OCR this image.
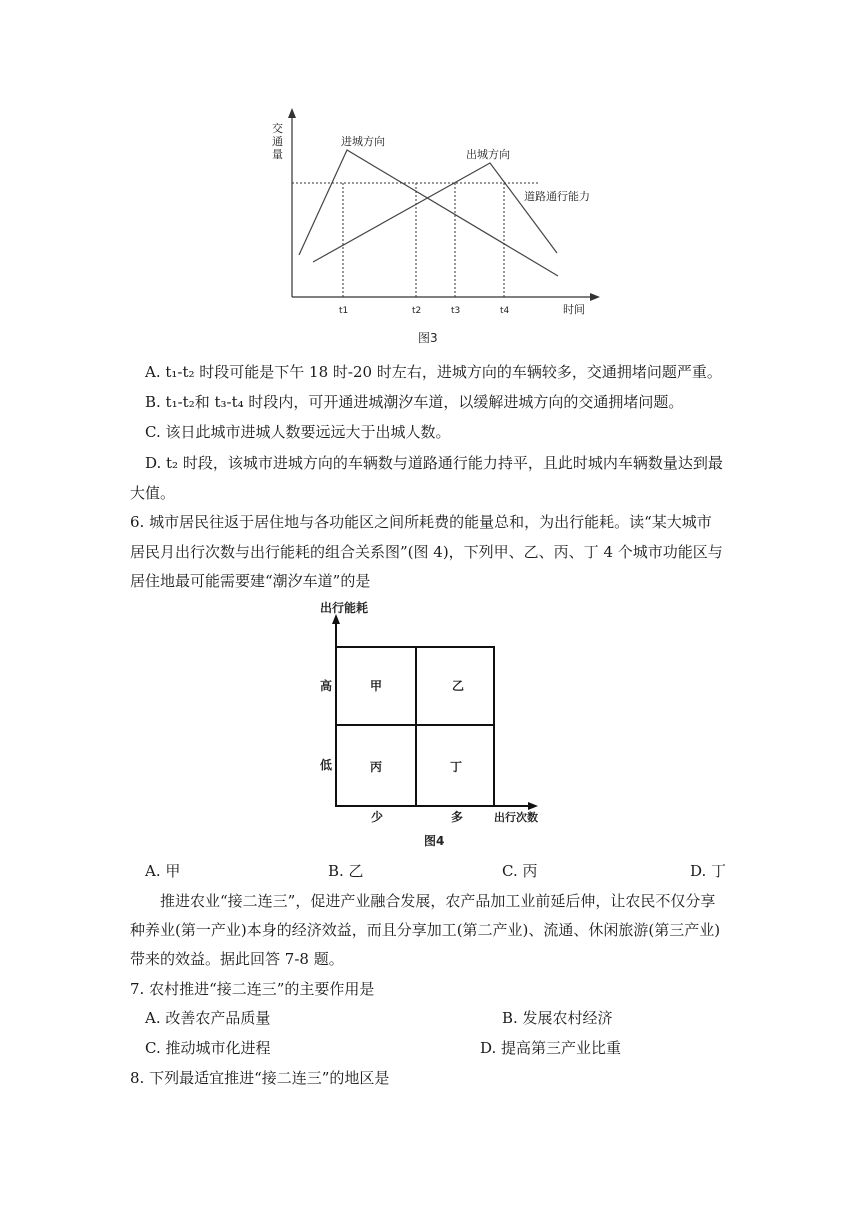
进城方向
出城方向
道路通行能力
时间
t1	t2	t3	t4
图3
交通量
A. t₁-t₂ 时段可能是下午 18 时-20 时左右，进城方向的车辆较多，交通拥堵问题严重。
B. t₁-t₂和 t₃-t₄ 时段内，可开通进城潮汐车道，以缓解进城方向的交通拥堵问题。
C. 该日此城市进城人数要远远大于出城人数。
D. t₂ 时段，该城市进城方向的车辆数与道路通行能力持平，且此时城内车辆数量达到最
大值。
6. 城市居民往返于居住地与各功能区之间所耗费的能量总和，为出行能耗。读“某大城市
居民月出行次数与出行能耗的组合关系图”(图 4)，下列甲、乙、丙、丁 4 个城市功能区与
居住地最可能需要建“潮汐车道”的是
出行能耗
高
低
甲	乙
丙	丁
少	多	出行次数
图4
A. 甲	B. 乙	C. 丙	D. 丁
推进农业“接二连三”，促进产业融合发展，农产品加工业前延后伸，让农民不仅分享
种养业(第一产业)本身的经济效益，而且分享加工(第二产业)、流通、休闲旅游(第三产业)
带来的效益。据此回答 7-8 题。
7. 农村推进“接二连三”的主要作用是
A. 改善农产品质量	B. 发展农村经济
C. 推动城市化进程	D. 提高第三产业比重
8. 下列最适宜推进“接二连三”的地区是
